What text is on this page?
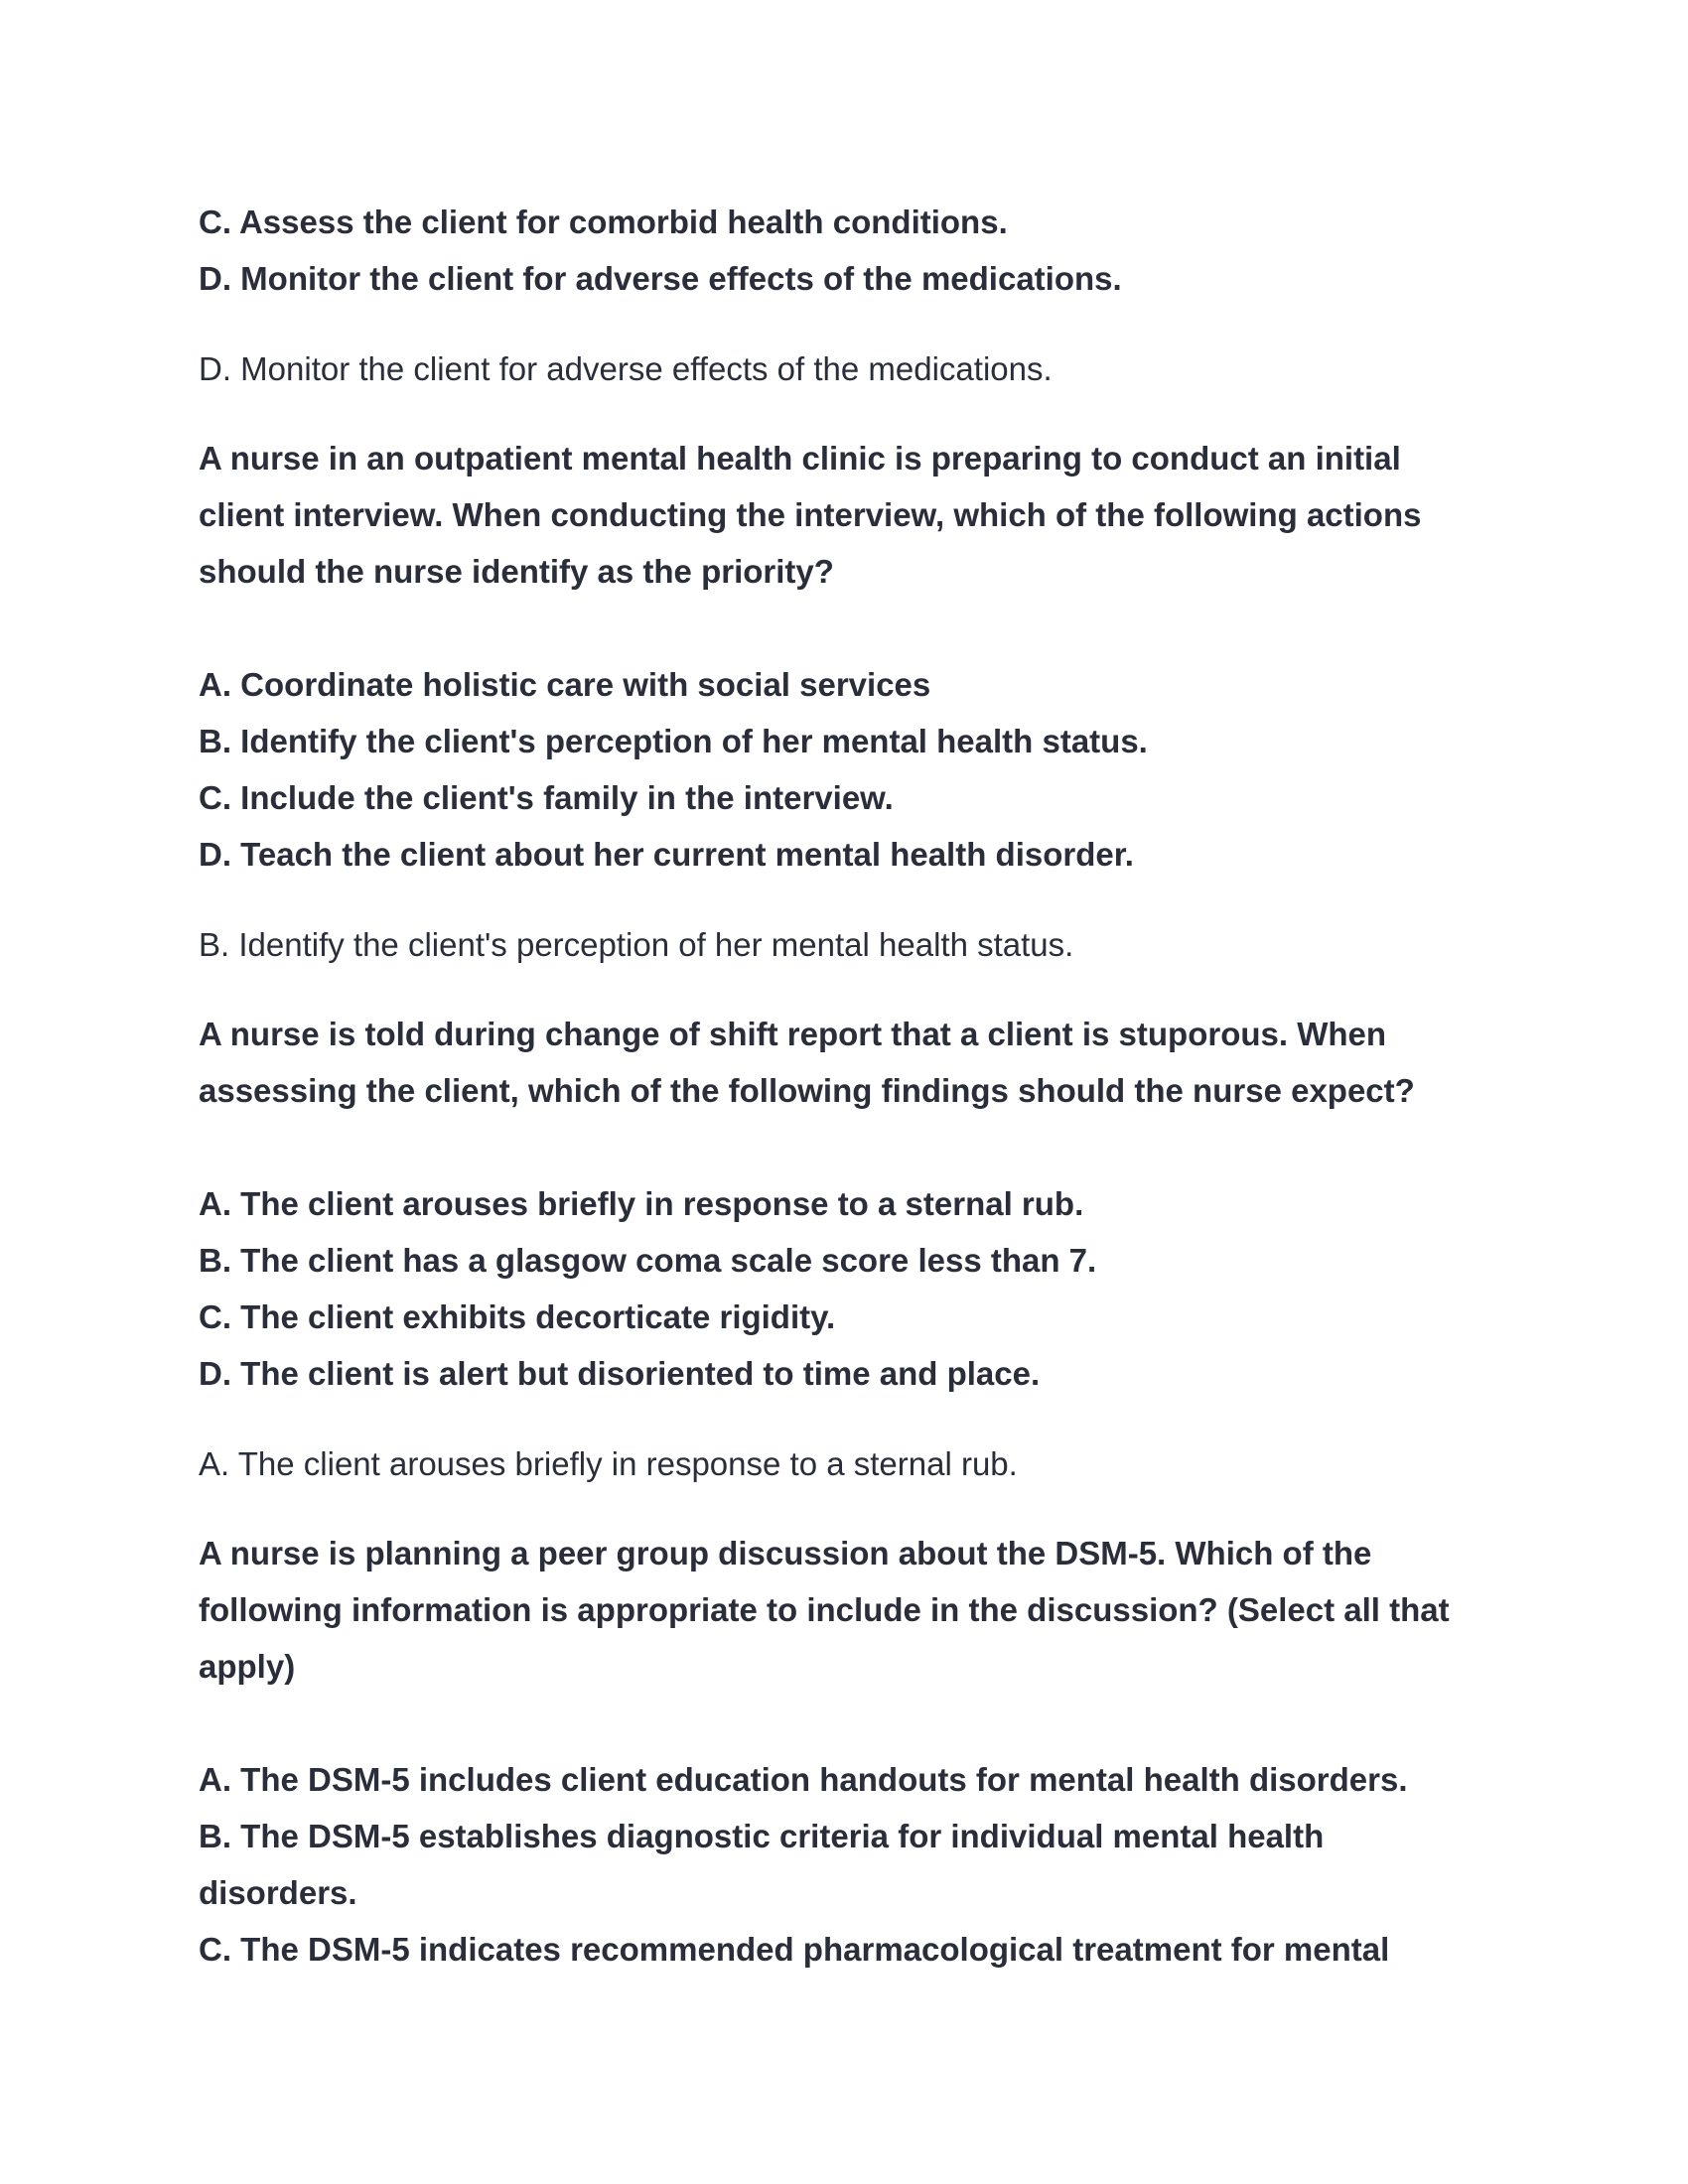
C. Assess the client for comorbid health conditions.

D. Monitor the client for adverse effects of the medications.

D. Monitor the client for adverse effects of the medications.

A nurse in an outpatient mental health clinic is preparing to conduct an initial

client interview. When conducting the interview, which of the following actions

should the nurse identify as the priority?

A. Coordinate holistic care with social services

B. Identify the client's perception of her mental health status.

C. Include the client's family in the interview.

D. Teach the client about her current mental health disorder.

B. Identify the client's perception of her mental health status.

A nurse is told during change of shift report that a client is stuporous. When

assessing the client, which of the following findings should the nurse expect?

A. The client arouses briefly in response to a sternal rub.

B. The client has a glasgow coma scale score less than 7.

C. The client exhibits decorticate rigidity.

D. The client is alert but disoriented to time and place.

A. The client arouses briefly in response to a sternal rub.

A nurse is planning a peer group discussion about the DSM-5. Which of the

following information is appropriate to include in the discussion? (Select all that

apply)

A. The DSM-5 includes client education handouts for mental health disorders.

B. The DSM-5 establishes diagnostic criteria for individual mental health

disorders.

C. The DSM-5 indicates recommended pharmacological treatment for mental
